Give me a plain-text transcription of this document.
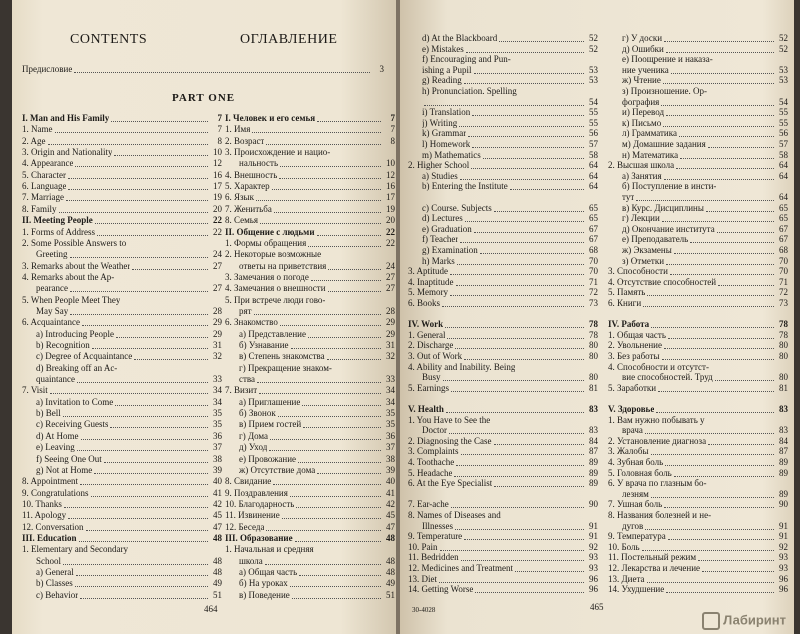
CONTENTS	ОГЛАВЛЕНИЕ
Предисловие	3
PART ONE
I. Man and His Family	7
1. Name	7
2. Age	8
3. Origin and Nationality	10
4. Appearance	12
5. Character	16
6. Language	17
7. Marriage	19
8. Family	20
II. Meeting People	22
1. Forms of Address	22
2. Some Possible Answers to
Greeting	24
3. Remarks about the Weather	27
4. Remarks about the Ap-
pearance	27
5. When People Meet They
May Say	28
6. Acquaintance	29
a) Introducing People	29
b) Recognition	31
c) Degree of Acquaintance	32
d) Breaking off an Ac-
quaintance	33
7. Visit	34
a) Invitation to Come	34
b) Bell	35
c) Receiving Guests	35
d) At Home	36
e) Leaving	37
f) Seeing One Out	38
g) Not at Home	39
8. Appointment	40
9. Congratulations	41
10. Thanks	42
11. Apology	45
12. Conversation	47
III. Education	48
1. Elementary and Secondary
School	48
a) General	48
b) Classes	49
c) Behavior	51
I. Человек и его семья	7
1. Имя	7
2. Возраст	8
3. Происхождение и нацио-
нальность	10
4. Внешность	12
5. Характер	16
6. Язык	17
7. Женитьба	19
8. Семья	20
II. Общение с людьми	22
1. Формы обращения	22
2. Некоторые возможные
ответы на приветствия	24
3. Замечания о погоде	27
4. Замечания о внешности	27
5. При встрече люди гово-
рят	28
6. Знакомство	29
а) Представление	29
б) Узнавание	31
в) Степень знакомства	32
г) Прекращение знаком-
ства	33
7. Визит	34
а) Приглашение	34
б) Звонок	35
в) Прием гостей	35
г) Дома	36
д) Уход	37
е) Провожание	38
ж) Отсутствие дома	39
8. Свидание	40
9. Поздравления	41
10. Благодарность	42
11. Извинение	45
12. Беседа	47
III. Образование	48
1. Начальная и средняя
школа	48
а) Общая часть	48
б) На уроках	49
в) Поведение	51
464
d) At the Blackboard	52
e) Mistakes	52
f) Encouraging and Pun-
ishing a Pupil	53
g) Reading	53
h) Pronunciation. Spelling
54
i) Translation	55
j) Writing	55
k) Grammar	56
l) Homework	57
m) Mathematics	58
2. Higher School	64
a) Studies	64
b) Entering the Institute	64
c) Course. Subjects	65
d) Lectures	65
e) Graduation	67
f) Teacher	67
g) Examination	68
h) Marks	70
3. Aptitude	70
4. Inaptitude	71
5. Memory	72
6. Books	73
IV. Work	78
1. General	78
2. Discharge	80
3. Out of Work	80
4. Ability and Inability. Being
Busy	80
5. Earnings	81
V. Health	83
1. You Have to See the
Doctor	83
2. Diagnosing the Case	84
3. Complaints	87
4. Toothache	89
5. Headache	89
6. At the Eye Specialist	89
7. Ear-ache	90
8. Names of Diseases and
Illnesses	91
9. Temperature	91
10. Pain	92
11. Bedridden	93
12. Medicines and Treatment	93
13. Diet	96
14. Getting Worse	96
г) У доски	52
д) Ошибки	52
е) Поощрение и наказа-
ние ученика	53
ж) Чтение	53
з) Произношение. Ор-
фография	54
и) Перевод	55
к) Письмо	55
л) Грамматика	56
м) Домашние задания	57
н) Математика	58
2. Высшая школа	64
а) Занятия	64
б) Поступление в инсти-
тут	64
в) Курс. Дисциплины	65
г) Лекции	65
д) Окончание института	67
е) Преподаватель	67
ж) Экзамены	68
з) Отметки	70
3. Способности	70
4. Отсутствие способностей	71
5. Память	72
6. Книги	73
IV. Работа	78
1. Общая часть	78
2. Увольнение	80
3. Без работы	80
4. Способности и отсутст-
вие способностей. Труд	80
5. Заработки	81
V. Здоровье	83
1. Вам нужно побывать у
врача	83
2. Установление диагноза	84
3. Жалобы	87
4. Зубная боль	89
5. Головная боль	89
6. У врача по глазным бо-
лезням	89
7. Ушная боль	90
8. Названия болезней и не-
дугов	91
9. Температура	91
10. Боль	92
11. Постельный режим	93
12. Лекарства и лечение	93
13. Диета	96
14. Ухудшение	96
30-4028	465
Лабиринт
